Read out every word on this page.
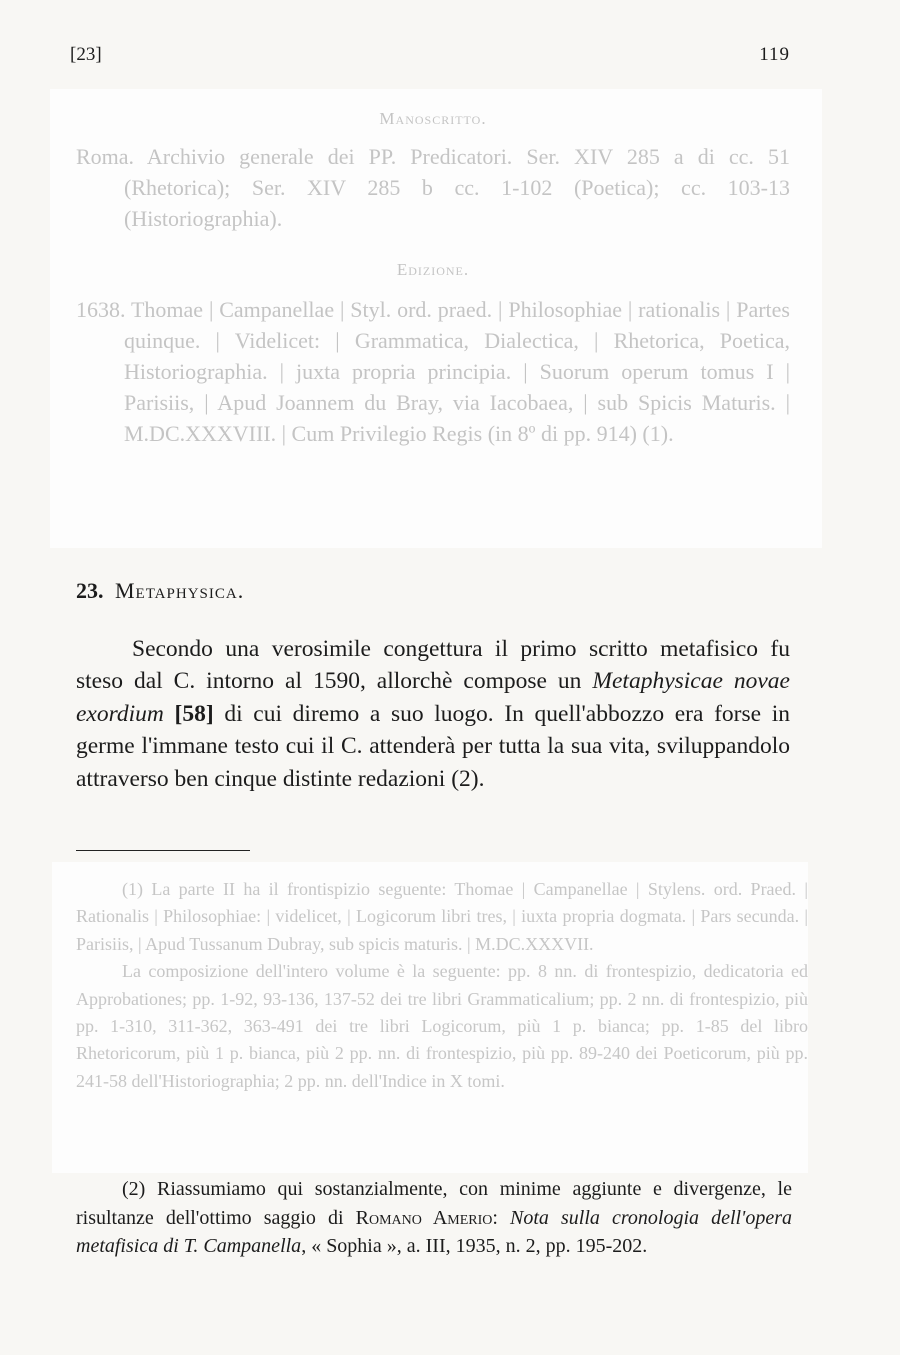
[23]	119
Manoscritto.
Roma. Archivio generale dei PP. Predicatori. Ser. XIV 285 a di cc. 51 (Rhetorica); Ser. XIV 285 b cc. 1-102 (Poetica); cc. 103-13 (Historiographia).
Edizione.
1638. Thomae | Campanellae | Styl. ord. praed. | Philosophiae | rationalis | Partes quinque. | Videlicet: | Grammatica, Dialectica, | Rhetorica, Poetica, Historiographia. | juxta propria principia. | Suorum operum tomus I | Parisiis, | Apud Joannem du Bray, via Iacobaea, | sub Spicis Maturis. | M.DC.XXXVIII. | Cum Privilegio Regis (in 8º di pp. 914) (1).
23. Metaphysica.
Secondo una verosimile congettura il primo scritto metafisico fu steso dal C. intorno al 1590, allorchè compose un Metaphysicae novae exordium [58] di cui diremo a suo luogo. In quell'abbozzo era forse in germe l'immane testo cui il C. attenderà per tutta la sua vita, sviluppandolo attraverso ben cinque distinte redazioni (2).

(1) La parte II ha il frontispizio seguente: Thomae | Campanellae | Stylens. ord. Praed. | Rationalis | Philosophiae: | videlicet, | Logicorum libri tres, | iuxta propria dogmata. | Pars secunda. | Parisiis, | Apud Tussanum Dubray, sub spicis maturis. | M.DC.XXXVII.

La composizione dell'intero volume è la seguente: pp. 8 nn. di frontespizio, dedicatoria ed Approbationes; pp. 1-92, 93-136, 137-52 dei tre libri Grammaticalium; pp. 2 nn. di frontespizio, più pp. 1-310, 311-362, 363-491 dei tre libri Logicorum, più 1 p. bianca; pp. 1-85 del libro Rhetoricorum, più 1 p. bianca, più 2 pp. nn. di frontespizio, più pp. 89-240 dei Poeticorum, più pp. 241-58 dell'Historiographia; 2 pp. nn. dell'Indice in X tomi.

(2) Riassumiamo qui sostanzialmente, con minime aggiunte e divergenze, le risultanze dell'ottimo saggio di Romano Amerio: Nota sulla cronologia dell'opera metafisica di T. Campanella, « Sophia », a. III, 1935, n. 2, pp. 195-202.
